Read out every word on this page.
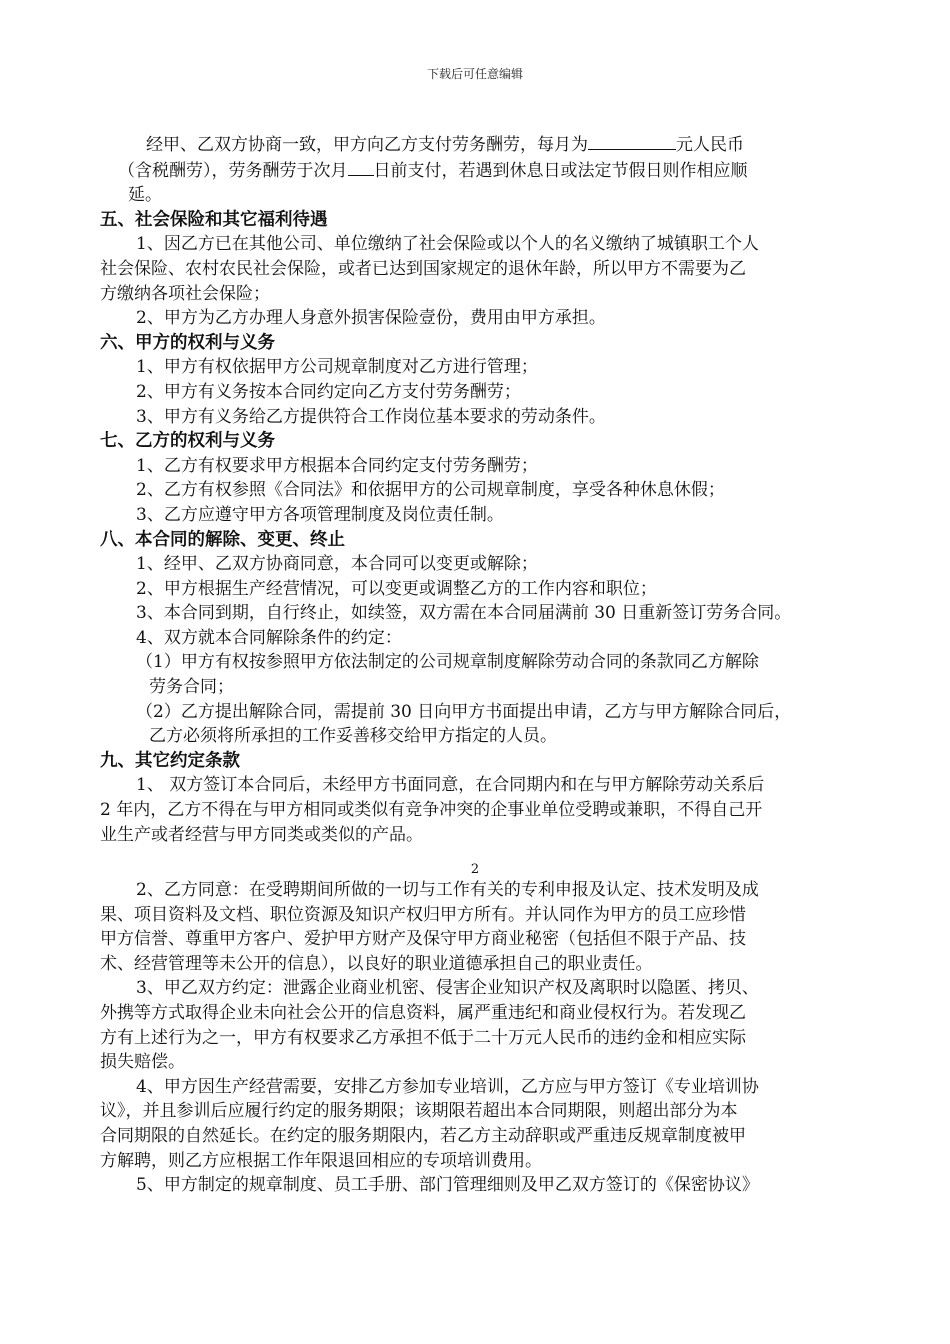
下载后可任意编辑
经甲、乙双方协商一致，甲方向乙方支付劳务酬劳，每月为	元人民币
（含税酬劳），劳务酬劳于次月 日前支付，若遇到休息日或法定节假日则作相应顺
延。
五、社会保险和其它福利待遇
1、因乙方已在其他公司、单位缴纳了社会保险或以个人的名义缴纳了城镇职工个人
社会保险、农村农民社会保险，或者已达到国家规定的退休年龄，所以甲方不需要为乙
方缴纳各项社会保险；
2、甲方为乙方办理人身意外损害保险壹份，费用由甲方承担。
六、甲方的权利与义务
1、甲方有权依据甲方公司规章制度对乙方进行管理；
2、甲方有义务按本合同约定向乙方支付劳务酬劳；
3、甲方有义务给乙方提供符合工作岗位基本要求的劳动条件。
七、乙方的权利与义务
1、乙方有权要求甲方根据本合同约定支付劳务酬劳；
2、乙方有权参照《合同法》和依据甲方的公司规章制度，享受各种休息休假；
3、乙方应遵守甲方各项管理制度及岗位责任制。
八、本合同的解除、变更、终止
1、经甲、乙双方协商同意，本合同可以变更或解除；
2、甲方根据生产经营情况，可以变更或调整乙方的工作内容和职位；
3、本合同到期，自行终止，如续签，双方需在本合同届满前 30 日重新签订劳务合同。
4、双方就本合同解除条件的约定：
（1）甲方有权按参照甲方依法制定的公司规章制度解除劳动合同的条款同乙方解除
劳务合同；
（2）乙方提出解除合同，需提前 30 日向甲方书面提出申请，乙方与甲方解除合同后，
乙方必须将所承担的工作妥善移交给甲方指定的人员。
九、其它约定条款
1、 双方签订本合同后，未经甲方书面同意，在合同期内和在与甲方解除劳动关系后
2 年内，乙方不得在与甲方相同或类似有竞争冲突的企事业单位受聘或兼职，不得自己开
业生产或者经营与甲方同类或类似的产品。
2
2、乙方同意：在受聘期间所做的一切与工作有关的专利申报及认定、技术发明及成
果、项目资料及文档、职位资源及知识产权归甲方所有。并认同作为甲方的员工应珍惜
甲方信誉、尊重甲方客户、爱护甲方财产及保守甲方商业秘密（包括但不限于产品、技
术、经营管理等未公开的信息），以良好的职业道德承担自己的职业责任。
3、甲乙双方约定：泄露企业商业机密、侵害企业知识产权及离职时以隐匿、拷贝、
外携等方式取得企业未向社会公开的信息资料，属严重违纪和商业侵权行为。若发现乙
方有上述行为之一，甲方有权要求乙方承担不低于二十万元人民币的违约金和相应实际
损失赔偿。
4、甲方因生产经营需要，安排乙方参加专业培训，乙方应与甲方签订《专业培训协
议》，并且参训后应履行约定的服务期限；该期限若超出本合同期限，则超出部分为本
合同期限的自然延长。在约定的服务期限内，若乙方主动辞职或严重违反规章制度被甲
方解聘，则乙方应根据工作年限退回相应的专项培训费用。
5、甲方制定的规章制度、员工手册、部门管理细则及甲乙双方签订的《保密协议》
